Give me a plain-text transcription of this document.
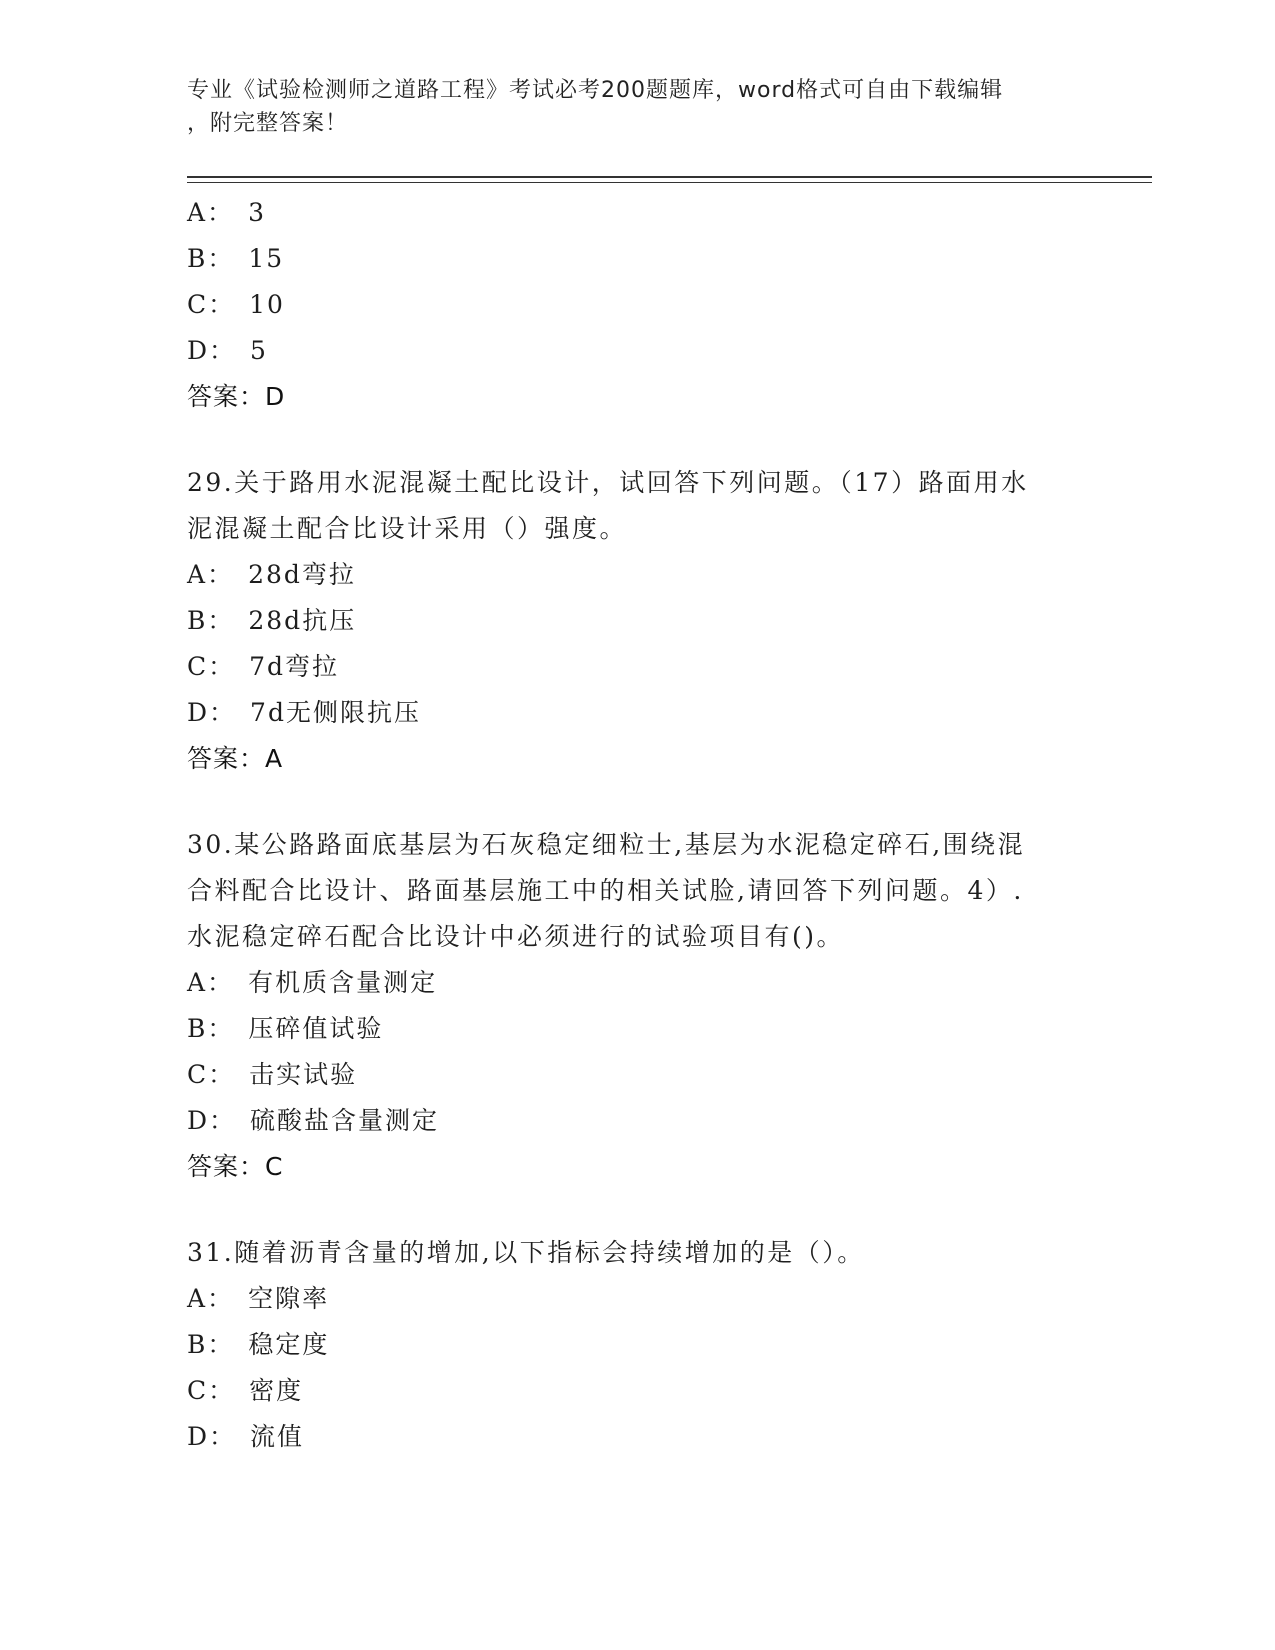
专业《试验检测师之道路工程》考试必考200题题库，word格式可自由下载编辑
，附完整答案！
A： 3
B： 15
C： 10
D： 5
答案：D
29.关于路用水泥混凝土配比设计，试回答下列问题。（17）路面用水
泥混凝土配合比设计采用（）强度。
A： 28d弯拉
B： 28d抗压
C： 7d弯拉
D： 7d无侧限抗压
答案：A
30.某公路路面底基层为石灰稳定细粒士,基层为水泥稳定碎石,围绕混
合料配合比设计、路面基层施工中的相关试脸,请回答下列问题。4）.
水泥稳定碎石配合比设计中必须进行的试验项目有()。
A： 有机质含量测定
B： 压碎值试验
C： 击实试验
D： 硫酸盐含量测定
答案：C
31.随着沥青含量的增加,以下指标会持续增加的是（）。
A： 空隙率
B： 稳定度
C： 密度
D： 流值
